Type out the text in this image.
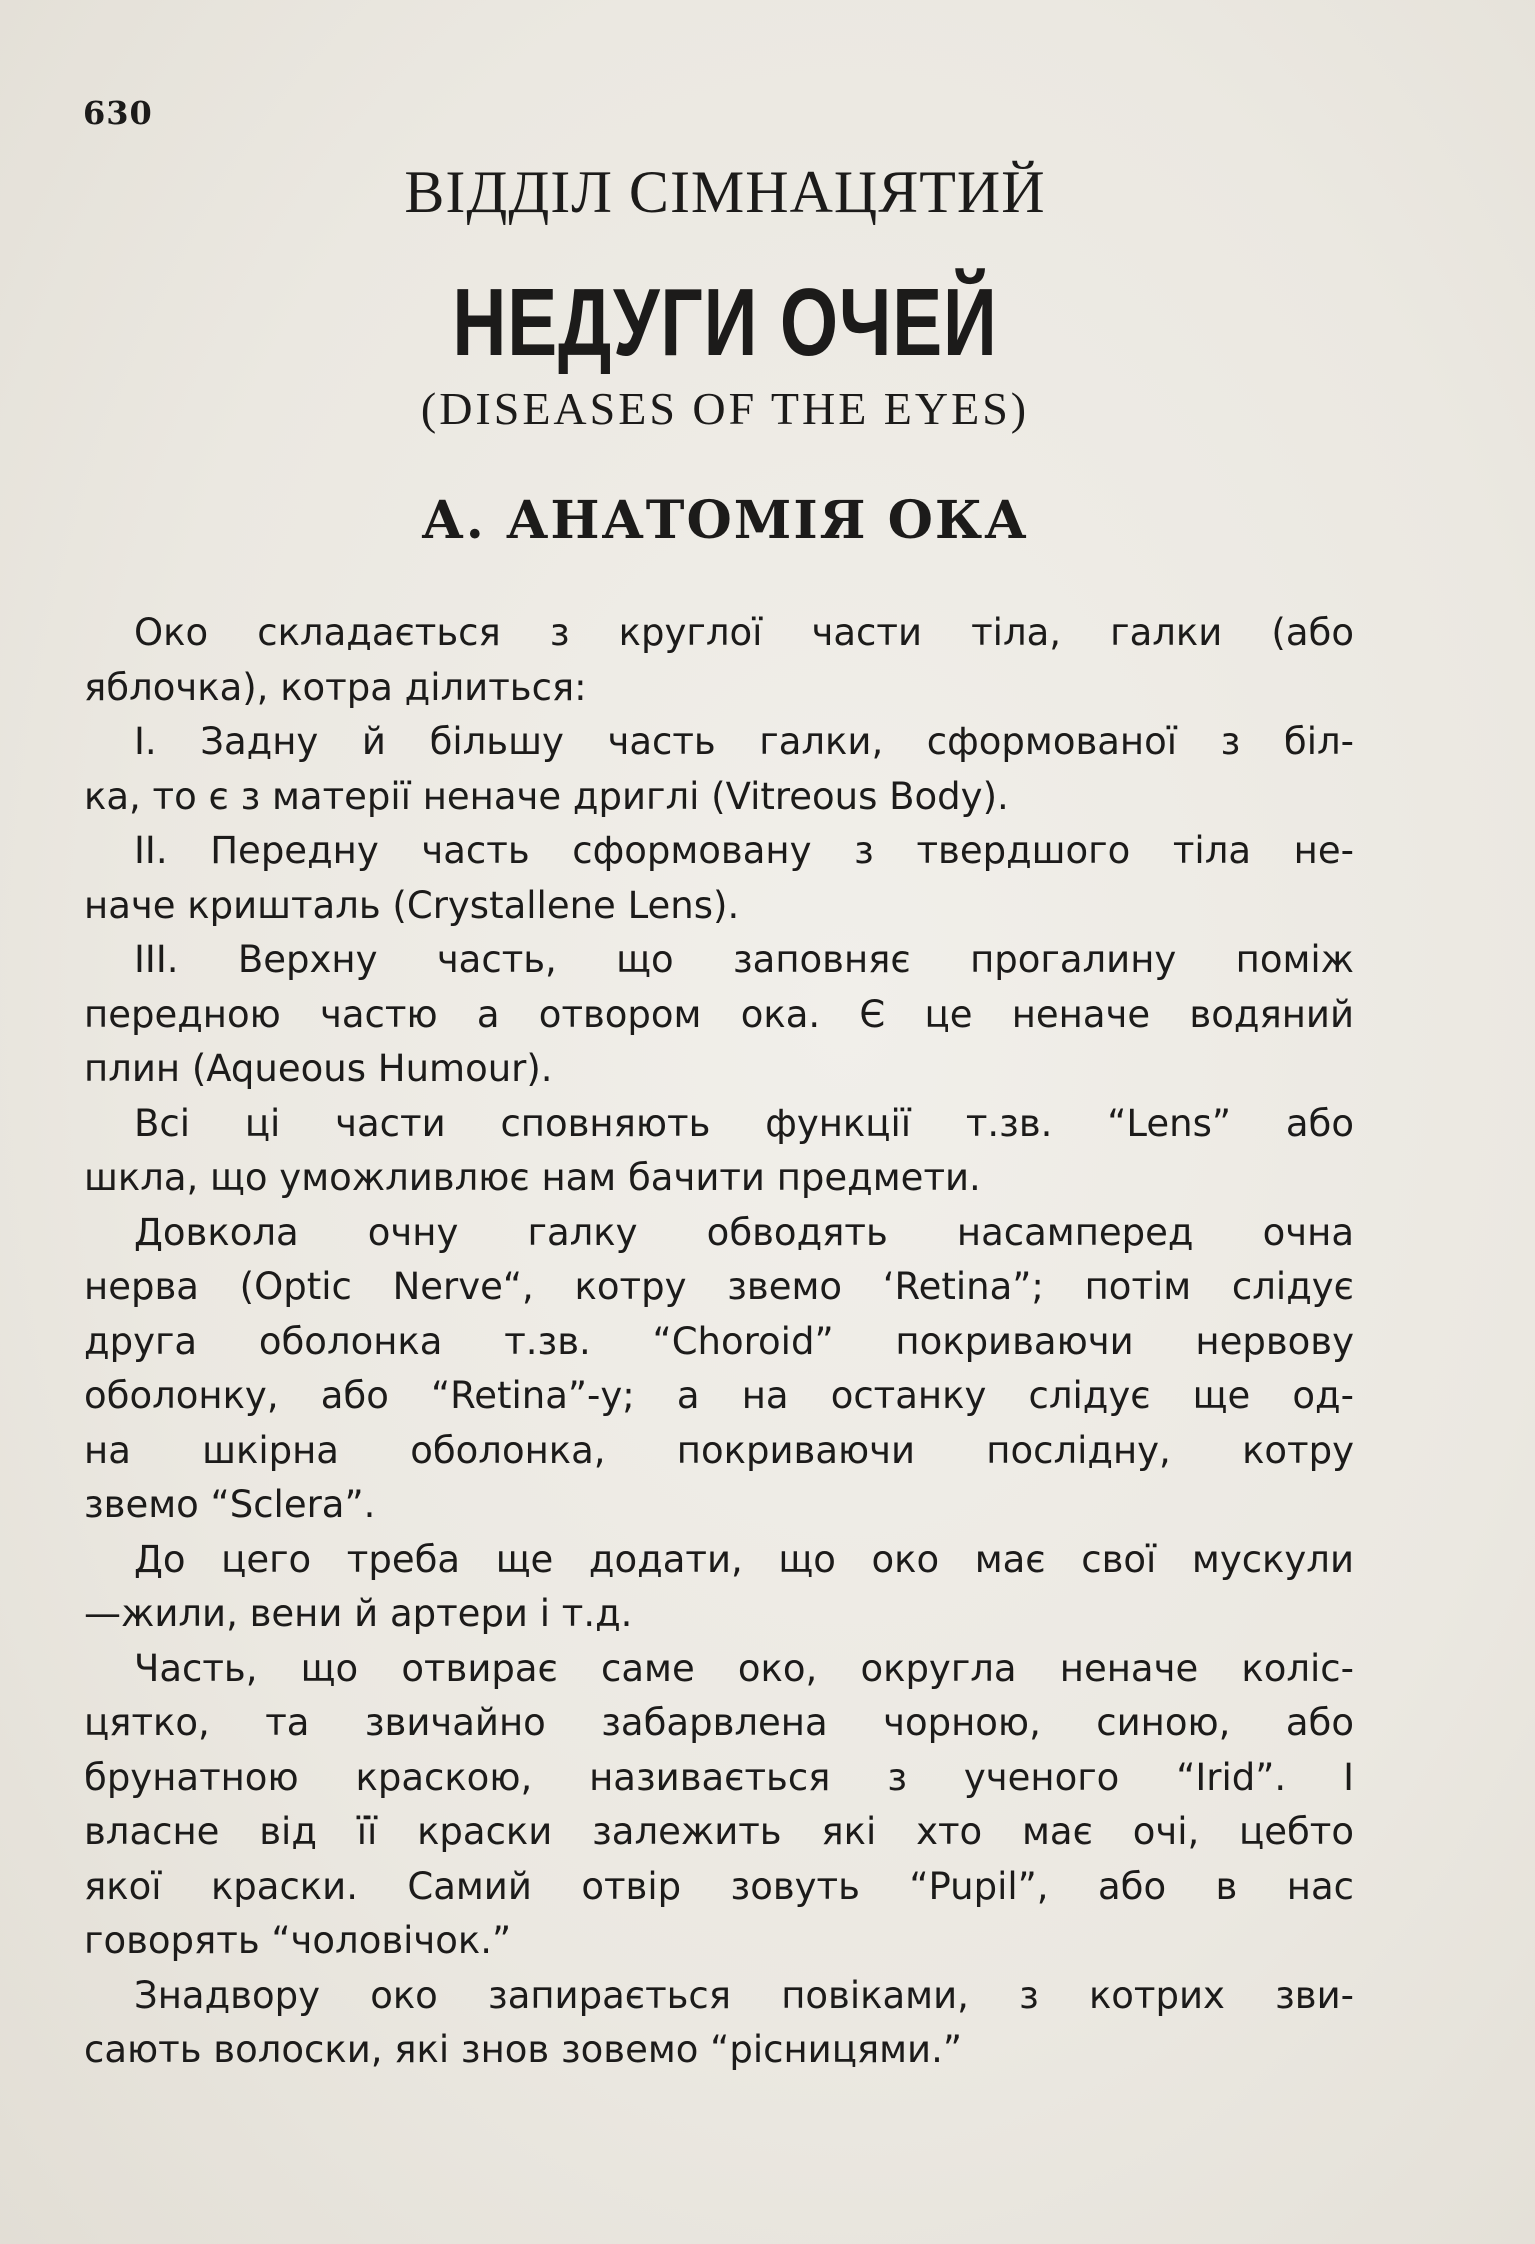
630
ВІДДІЛ СІМНАЦЯТИЙ
НЕДУГИ ОЧЕЙ
(DISEASES OF THE EYES)
А. АНАТОМІЯ ОКА
Око складається з круглої части тіла, галки (або
яблочка), котра ділиться:
І. Задну й більшу часть галки, сформованої з біл-
ка, то є з матерії неначе дриглі (Vitreous Body).
II. Передну часть сформовану з твердшого тіла не-
наче кришталь (Crystallene Lens).
III. Верхну часть, що заповняє прогалину поміж
передною частю а отвором ока. Є це неначе водяний
плин (Aqueous Humour).
Всі ці части сповняють функції т.зв. “Lens” або
шкла, що уможливлює нам бачити предмети.
Довкола очну галку обводять насамперед очна
нерва (Optic Nerve“, котру звемо ‘Retina”; потім слідує
друга оболонка т.зв. “Choroid” покриваючи нервову
оболонку, або “Retina”-у; а на останку слідує ще од-
на шкірна оболонка, покриваючи послідну, котру
звемо “Sclera”.
До цего треба ще додати, що око має свої мускули
—жили, вени й артери і т.д.
Часть, що отвирає саме око, округла неначе коліс-
цятко, та звичайно забарвлена чорною, синою, або
брунатною краскою, називається з ученого “Irid”. І
власне від її краски залежить які хто має очі, цебто
якої краски. Самий отвір зовуть “Pupil”, або в нас
говорять “чоловічок.”
Знадвору око запирається повіками, з котрих зви-
сають волоски, які знов зовемо “рісницями.”
